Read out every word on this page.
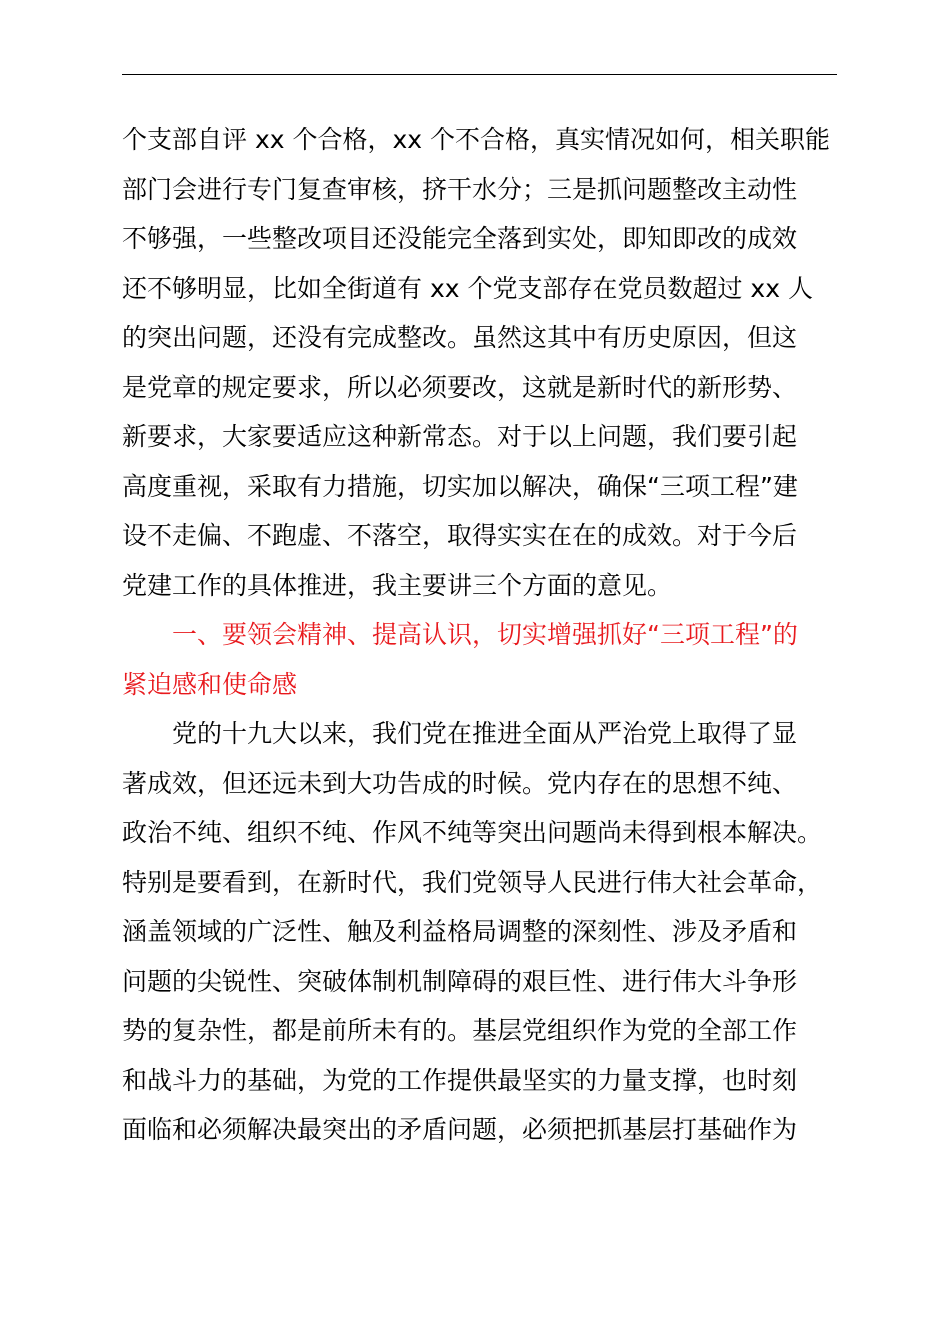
个支部自评 xx 个合格，xx 个不合格，真实情况如何，相关职能
部门会进行专门复查审核，挤干水分；三是抓问题整改主动性
不够强，一些整改项目还没能完全落到实处，即知即改的成效
还不够明显，比如全街道有 xx 个党支部存在党员数超过 xx 人
的突出问题，还没有完成整改。虽然这其中有历史原因，但这
是党章的规定要求，所以必须要改，这就是新时代的新形势、
新要求，大家要适应这种新常态。对于以上问题，我们要引起
高度重视，采取有力措施，切实加以解决，确保“三项工程”建
设不走偏、不跑虚、不落空，取得实实在在的成效。对于今后
党建工作的具体推进，我主要讲三个方面的意见。
一、要领会精神、提高认识，切实增强抓好“三项工程”的
紧迫感和使命感
党的十九大以来，我们党在推进全面从严治党上取得了显
著成效，但还远未到大功告成的时候。党内存在的思想不纯、
政治不纯、组织不纯、作风不纯等突出问题尚未得到根本解决。
特别是要看到，在新时代，我们党领导人民进行伟大社会革命，
涵盖领域的广泛性、触及利益格局调整的深刻性、涉及矛盾和
问题的尖锐性、突破体制机制障碍的艰巨性、进行伟大斗争形
势的复杂性，都是前所未有的。基层党组织作为党的全部工作
和战斗力的基础，为党的工作提供最坚实的力量支撑，也时刻
面临和必须解决最突出的矛盾问题，必须把抓基层打基础作为
